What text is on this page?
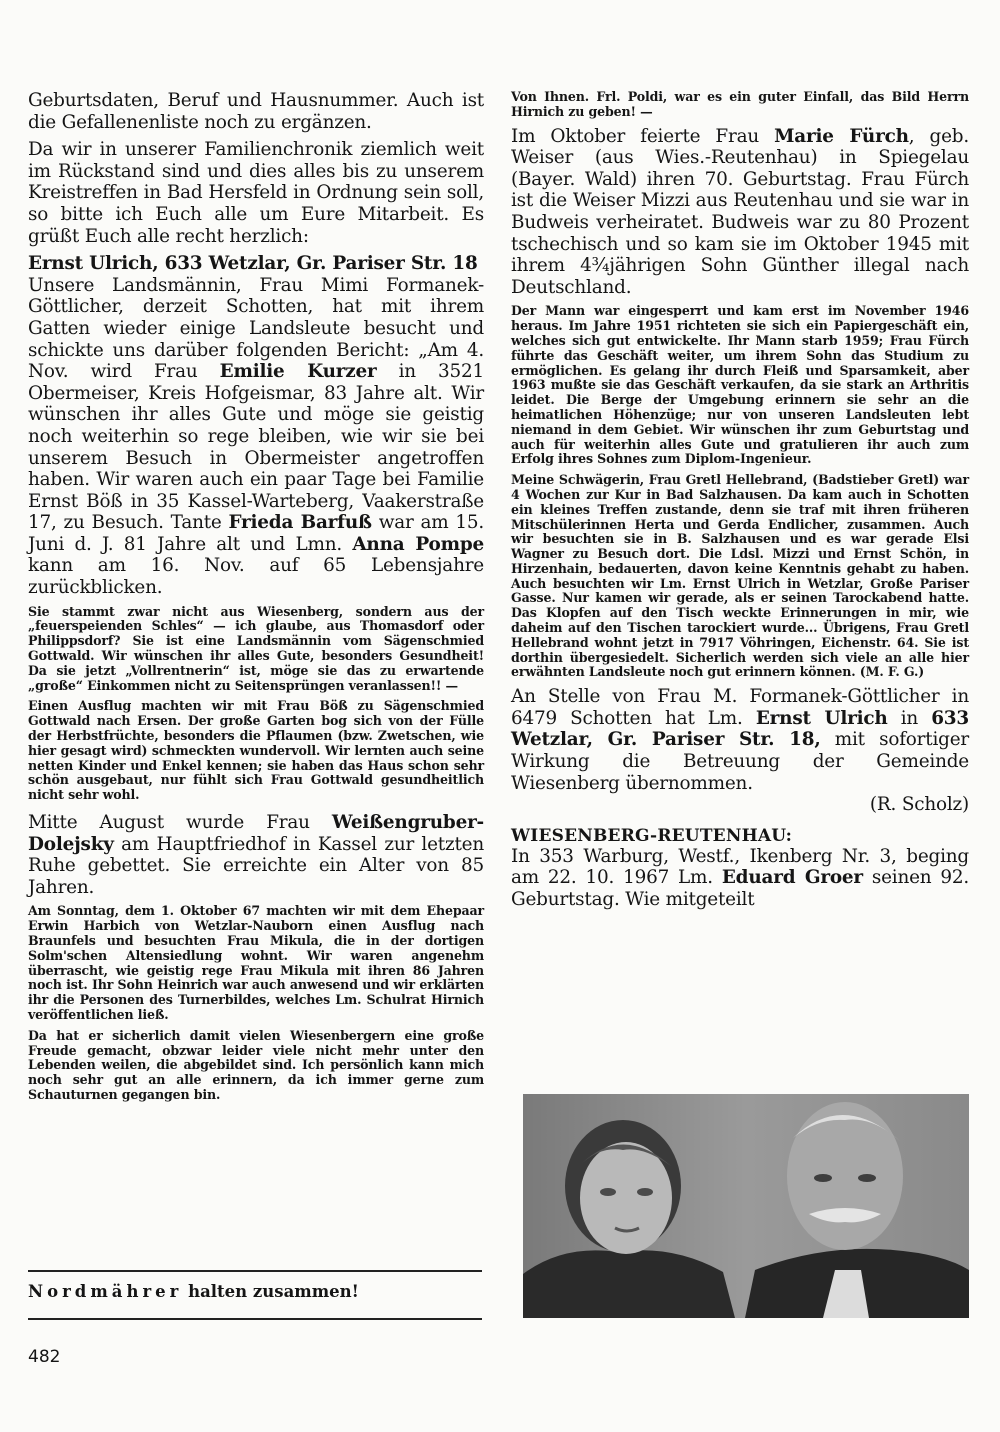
Geburtsdaten, Beruf und Hausnummer. Auch ist die Gefallenenliste noch zu ergänzen.

Da wir in unserer Familienchronik ziemlich weit im Rückstand sind und dies alles bis zu unserem Kreistreffen in Bad Hersfeld in Ordnung sein soll, so bitte ich Euch alle um Eure Mitarbeit. Es grüßt Euch alle recht herzlich:

Ernst Ulrich, 633 Wetzlar, Gr. Pariser Str. 18

Unsere Landsmännin, Frau Mimi Formanek-Göttlicher, derzeit Schotten, hat mit ihrem Gatten wieder einige Landsleute besucht und schickte uns darüber folgenden Bericht: „Am 4. Nov. wird Frau Emilie Kurzer in 3521 Obermeiser, Kreis Hofgeismar, 83 Jahre alt. Wir wünschen ihr alles Gute und möge sie geistig noch weiterhin so rege bleiben, wie wir sie bei unserem Besuch in Obermeister angetroffen haben. Wir waren auch ein paar Tage bei Familie Ernst Böß in 35 Kassel-Warteberg, Vaakerstraße 17, zu Besuch. Tante Frieda Barfuß war am 15. Juni d. J. 81 Jahre alt und Lmn. Anna Pompe kann am 16. Nov. auf 65 Lebensjahre zurückblicken.

Sie stammt zwar nicht aus Wiesenberg, sondern aus der „feuerspeienden Schles“ — ich glaube, aus Thomasdorf oder Philippsdorf? Sie ist eine Landsmännin vom Sägenschmied Gottwald. Wir wünschen ihr alles Gute, besonders Gesundheit! Da sie jetzt „Vollrentnerin“ ist, möge sie das zu erwartende „große“ Einkommen nicht zu Seitensprüngen veranlassen!! —

Einen Ausflug machten wir mit Frau Böß zu Sägenschmied Gottwald nach Ersen. Der große Garten bog sich von der Fülle der Herbstfrüchte, besonders die Pflaumen (bzw. Zwetschen, wie hier gesagt wird) schmeckten wundervoll. Wir lernten auch seine netten Kinder und Enkel kennen; sie haben das Haus schon sehr schön ausgebaut, nur fühlt sich Frau Gottwald gesundheitlich nicht sehr wohl.

Mitte August wurde Frau Weißengruber-Dolejsky am Hauptfriedhof in Kassel zur letzten Ruhe gebettet. Sie erreichte ein Alter von 85 Jahren.

Am Sonntag, dem 1. Oktober 67 machten wir mit dem Ehepaar Erwin Harbich von Wetzlar-Nauborn einen Ausflug nach Braunfels und besuchten Frau Mikula, die in der dortigen Solm'schen Altensiedlung wohnt. Wir waren angenehm überrascht, wie geistig rege Frau Mikula mit ihren 86 Jahren noch ist. Ihr Sohn Heinrich war auch anwesend und wir erklärten ihr die Personen des Turnerbildes, welches Lm. Schulrat Hirnich veröffentlichen ließ.

Da hat er sicherlich damit vielen Wiesenbergern eine große Freude gemacht, obzwar leider viele nicht mehr unter den Lebenden weilen, die abgebildet sind. Ich persönlich kann mich noch sehr gut an alle erinnern, da ich immer gerne zum Schauturnen gegangen bin.

Nordmährer halten zusammen!
482

Von Ihnen. Frl. Poldi, war es ein guter Einfall, das Bild Herrn Hirnich zu geben! —

Im Oktober feierte Frau Marie Fürch, geb. Weiser (aus Wies.-Reutenhau) in Spiegelau (Bayer. Wald) ihren 70. Geburtstag. Frau Fürch ist die Weiser Mizzi aus Reutenhau und sie war in Budweis verheiratet. Budweis war zu 80 Prozent tschechisch und so kam sie im Oktober 1945 mit ihrem 4¾jährigen Sohn Günther illegal nach Deutschland.

Der Mann war eingesperrt und kam erst im November 1946 heraus. Im Jahre 1951 richteten sie sich ein Papiergeschäft ein, welches sich gut entwickelte. Ihr Mann starb 1959; Frau Fürch führte das Geschäft weiter, um ihrem Sohn das Studium zu ermöglichen. Es gelang ihr durch Fleiß und Sparsamkeit, aber 1963 mußte sie das Geschäft verkaufen, da sie stark an Arthritis leidet. Die Berge der Umgebung erinnern sie sehr an die heimatlichen Höhenzüge; nur von unseren Landsleuten lebt niemand in dem Gebiet. Wir wünschen ihr zum Geburtstag und auch für weiterhin alles Gute und gratulieren ihr auch zum Erfolg ihres Sohnes zum Diplom-Ingenieur.

Meine Schwägerin, Frau Gretl Hellebrand, (Badstieber Gretl) war 4 Wochen zur Kur in Bad Salzhausen. Da kam auch in Schotten ein kleines Treffen zustande, denn sie traf mit ihren früheren Mitschülerinnen Herta und Gerda Endlicher, zusammen. Auch wir besuchten sie in B. Salzhausen und es war gerade Elsi Wagner zu Besuch dort. Die Ldsl. Mizzi und Ernst Schön, in Hirzenhain, bedauerten, davon keine Kenntnis gehabt zu haben. Auch besuchten wir Lm. Ernst Ulrich in Wetzlar, Große Pariser Gasse. Nur kamen wir gerade, als er seinen Tarockabend hatte. Das Klopfen auf den Tisch weckte Erinnerungen in mir, wie daheim auf den Tischen tarockiert wurde... Übrigens, Frau Gretl Hellebrand wohnt jetzt in 7917 Vöhringen, Eichenstr. 64. Sie ist dorthin übergesiedelt. Sicherlich werden sich viele an alle hier erwähnten Landsleute noch gut erinnern können. (M. F. G.)

An Stelle von Frau M. Formanek-Göttlicher in 6479 Schotten hat Lm. Ernst Ulrich in 633 Wetzlar, Gr. Pariser Str. 18, mit sofortiger Wirkung die Betreuung der Gemeinde Wiesenberg übernommen.

(R. Scholz)

WIESENBERG-REUTENHAU:

In 353 Warburg, Westf., Ikenberg Nr. 3, beging am 22. 10. 1967 Lm. Eduard Groer seinen 92. Geburtstag. Wie mitgeteilt
